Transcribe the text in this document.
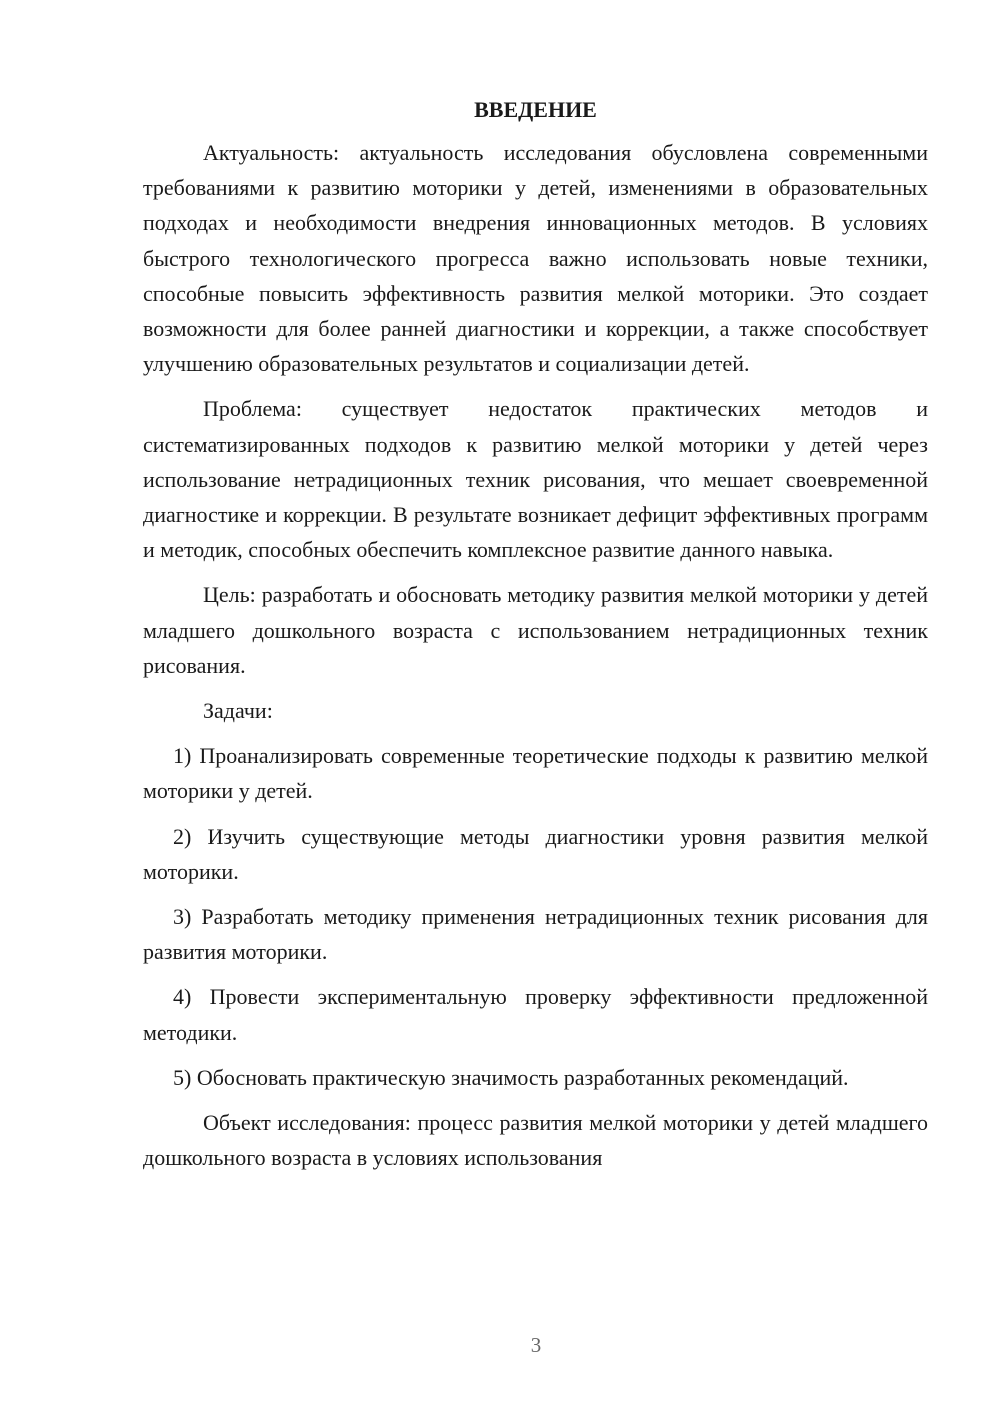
ВВЕДЕНИЕ

Актуальность: актуальность исследования обусловлена современными требованиями к развитию моторики у детей, изменениями в образовательных подходах и необходимости внедрения инновационных методов. В условиях быстрого технологического прогресса важно использовать новые техники, способные повысить эффективность развития мелкой моторики. Это создает возможности для более ранней диагностики и коррекции, а также способствует улучшению образовательных результатов и социализации детей.

Проблема: существует недостаток практических методов и систематизированных подходов к развитию мелкой моторики у детей через использование нетрадиционных техник рисования, что мешает своевременной диагностике и коррекции. В результате возникает дефицит эффективных программ и методик, способных обеспечить комплексное развитие данного навыка.

Цель: разработать и обосновать методику развития мелкой моторики у детей младшего дошкольного возраста с использованием нетрадиционных техник рисования.

Задачи:

1) Проанализировать современные теоретические подходы к развитию мелкой моторики у детей.

2) Изучить существующие методы диагностики уровня развития мелкой моторики.

3) Разработать методику применения нетрадиционных техник рисования для развития моторики.

4) Провести экспериментальную проверку эффективности предложенной методики.

5) Обосновать практическую значимость разработанных рекомендаций.

Объект исследования: процесс развития мелкой моторики у детей младшего дошкольного возраста в условиях использования

3
